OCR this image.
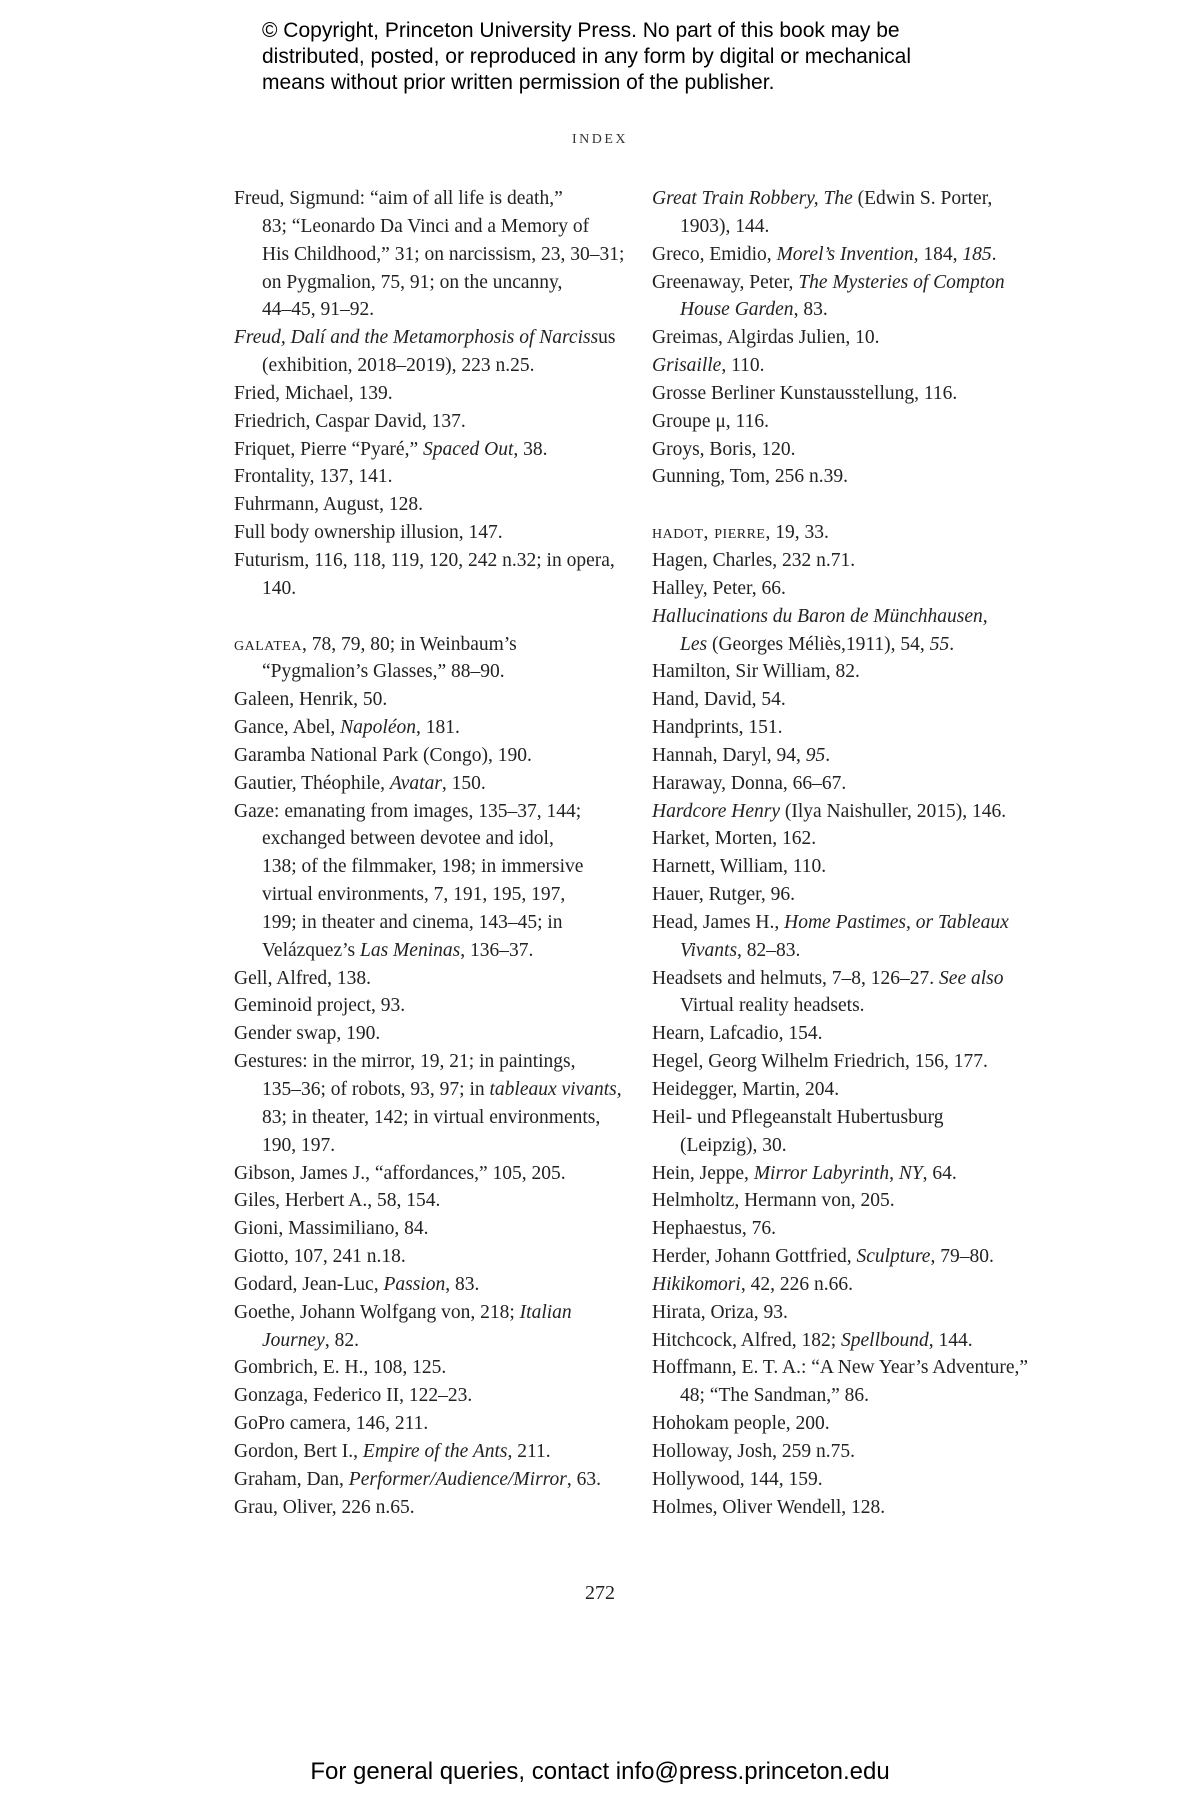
© Copyright, Princeton University Press. No part of this book may be
distributed, posted, or reproduced in any form by digital or mechanical
means without prior written permission of the publisher.
INDEX
Freud, Sigmund: “aim of all life is death,”
83; “Leonardo Da Vinci and a Memory of
His Childhood,” 31; on narcissism, 23, 30–31;
on Pygmalion, 75, 91; on the uncanny,
44–45, 91–92.
Freud, Dalí and the Metamorphosis of Narcissus
(exhibition, 2018–2019), 223 n.25.
Fried, Michael, 139.
Friedrich, Caspar David, 137.
Friquet, Pierre “Pyaré,” Spaced Out, 38.
Frontality, 137, 141.
Fuhrmann, August, 128.
Full body ownership illusion, 147.
Futurism, 116, 118, 119, 120, 242 n.32; in opera,
140.
galatea, 78, 79, 80; in Weinbaum’s
“Pygmalion’s Glasses,” 88–90.
Galeen, Henrik, 50.
Gance, Abel, Napoléon, 181.
Garamba National Park (Congo), 190.
Gautier, Théophile, Avatar, 150.
Gaze: emanating from images, 135–37, 144;
exchanged between devotee and idol,
138; of the filmmaker, 198; in immersive
virtual environments, 7, 191, 195, 197,
199; in theater and cinema, 143–45; in
Velázquez’s Las Meninas, 136–37.
Gell, Alfred, 138.
Geminoid project, 93.
Gender swap, 190.
Gestures: in the mirror, 19, 21; in paintings,
135–36; of robots, 93, 97; in tableaux vivants,
83; in theater, 142; in virtual environments,
190, 197.
Gibson, James J., “affordances,” 105, 205.
Giles, Herbert A., 58, 154.
Gioni, Massimiliano, 84.
Giotto, 107, 241 n.18.
Godard, Jean-Luc, Passion, 83.
Goethe, Johann Wolfgang von, 218; Italian
Journey, 82.
Gombrich, E. H., 108, 125.
Gonzaga, Federico II, 122–23.
GoPro camera, 146, 211.
Gordon, Bert I., Empire of the Ants, 211.
Graham, Dan, Performer/Audience/Mirror, 63.
Grau, Oliver, 226 n.65.
Great Train Robbery, The (Edwin S. Porter,
1903), 144.
Greco, Emidio, Morel’s Invention, 184, 185.
Greenaway, Peter, The Mysteries of Compton
House Garden, 83.
Greimas, Algirdas Julien, 10.
Grisaille, 110.
Grosse Berliner Kunstausstellung, 116.
Groupe μ, 116.
Groys, Boris, 120.
Gunning, Tom, 256 n.39.
hadot, pierre, 19, 33.
Hagen, Charles, 232 n.71.
Halley, Peter, 66.
Hallucinations du Baron de Münchhausen,
Les (Georges Méliès,1911), 54, 55.
Hamilton, Sir William, 82.
Hand, David, 54.
Handprints, 151.
Hannah, Daryl, 94, 95.
Haraway, Donna, 66–67.
Hardcore Henry (Ilya Naishuller, 2015), 146.
Harket, Morten, 162.
Harnett, William, 110.
Hauer, Rutger, 96.
Head, James H., Home Pastimes, or Tableaux
Vivants, 82–83.
Headsets and helmuts, 7–8, 126–27. See also
Virtual reality headsets.
Hearn, Lafcadio, 154.
Hegel, Georg Wilhelm Friedrich, 156, 177.
Heidegger, Martin, 204.
Heil- und Pflegeanstalt Hubertusburg
(Leipzig), 30.
Hein, Jeppe, Mirror Labyrinth, NY, 64.
Helmholtz, Hermann von, 205.
Hephaestus, 76.
Herder, Johann Gottfried, Sculpture, 79–80.
Hikikomori, 42, 226 n.66.
Hirata, Oriza, 93.
Hitchcock, Alfred, 182; Spellbound, 144.
Hoffmann, E. T. A.: “A New Year’s Adventure,”
48; “The Sandman,” 86.
Hohokam people, 200.
Holloway, Josh, 259 n.75.
Hollywood, 144, 159.
Holmes, Oliver Wendell, 128.
272
For general queries, contact info@press.princeton.edu
